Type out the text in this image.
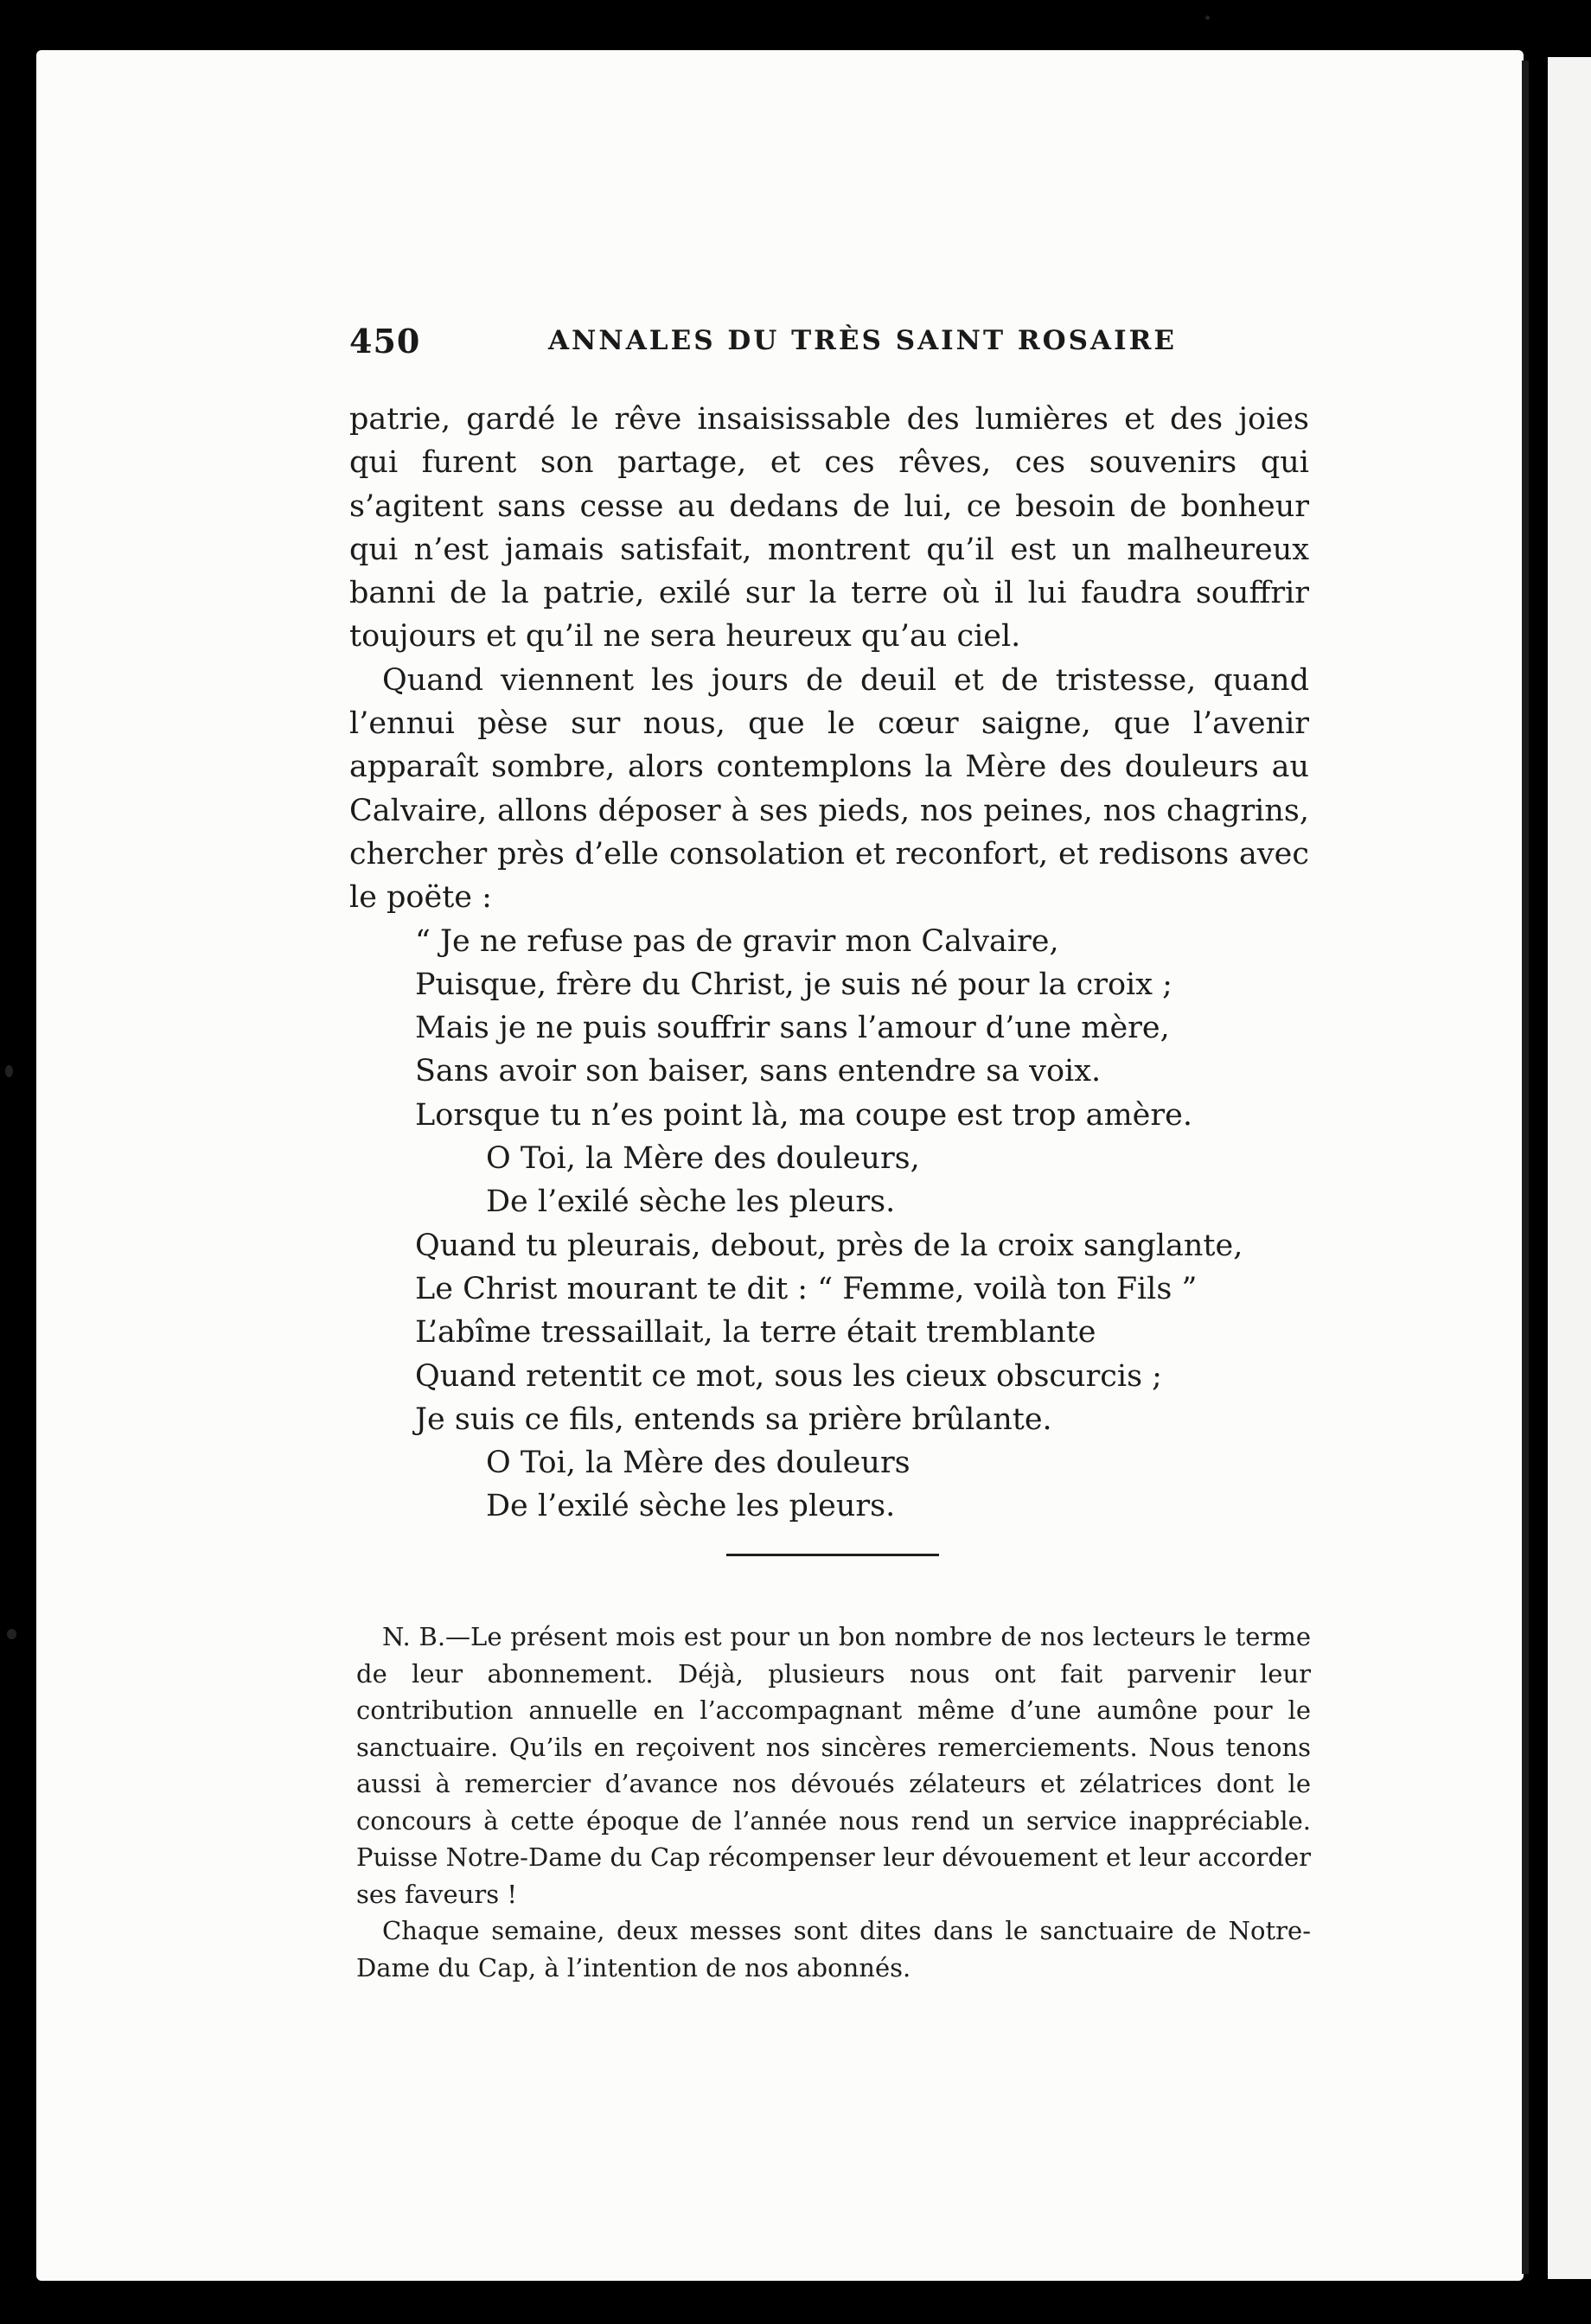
450	ANNALES DU TRÈS SAINT ROSAIRE

patrie, gardé le rêve insaisissable des lumières et des joies qui furent son partage, et ces rêves, ces souvenirs qui s’agitent sans cesse au dedans de lui, ce besoin de bonheur qui n’est jamais satisfait, montrent qu’il est un malheureux banni de la patrie, exilé sur la terre où il lui faudra souffrir toujours et qu’il ne sera heureux qu’au ciel.

Quand viennent les jours de deuil et de tristesse, quand l’ennui pèse sur nous, que le cœur saigne, que l’avenir apparaît sombre, alors contemplons la Mère des douleurs au Calvaire, allons déposer à ses pieds, nos peines, nos chagrins, chercher près d’elle consolation et reconfort, et redisons avec le poëte :

“ Je ne refuse pas de gravir mon Calvaire,
Puisque, frère du Christ, je suis né pour la croix ;
Mais je ne puis souffrir sans l’amour d’une mère,
Sans avoir son baiser, sans entendre sa voix.
Lorsque tu n’es point là, ma coupe est trop amère.
O Toi, la Mère des douleurs,
De l’exilé sèche les pleurs.
Quand tu pleurais, debout, près de la croix sanglante,
Le Christ mourant te dit : “ Femme, voilà ton Fils ”
L’abîme tressaillait, la terre était tremblante
Quand retentit ce mot, sous les cieux obscurcis ;
Je suis ce fils, entends sa prière brûlante.
O Toi, la Mère des douleurs
De l’exilé sèche les pleurs.

N. B.—Le présent mois est pour un bon nombre de nos lecteurs le terme de leur abonnement. Déjà, plusieurs nous ont fait parvenir leur contribution annuelle en l’accompagnant même d’une aumône pour le sanctuaire. Qu’ils en reçoivent nos sincères remerciements. Nous tenons aussi à remercier d’avance nos dévoués zélateurs et zélatrices dont le concours à cette époque de l’année nous rend un service inappréciable. Puisse Notre-Dame du Cap récompenser leur dévouement et leur accorder ses faveurs !

Chaque semaine, deux messes sont dites dans le sanctuaire de Notre-Dame du Cap, à l’intention de nos abonnés.
